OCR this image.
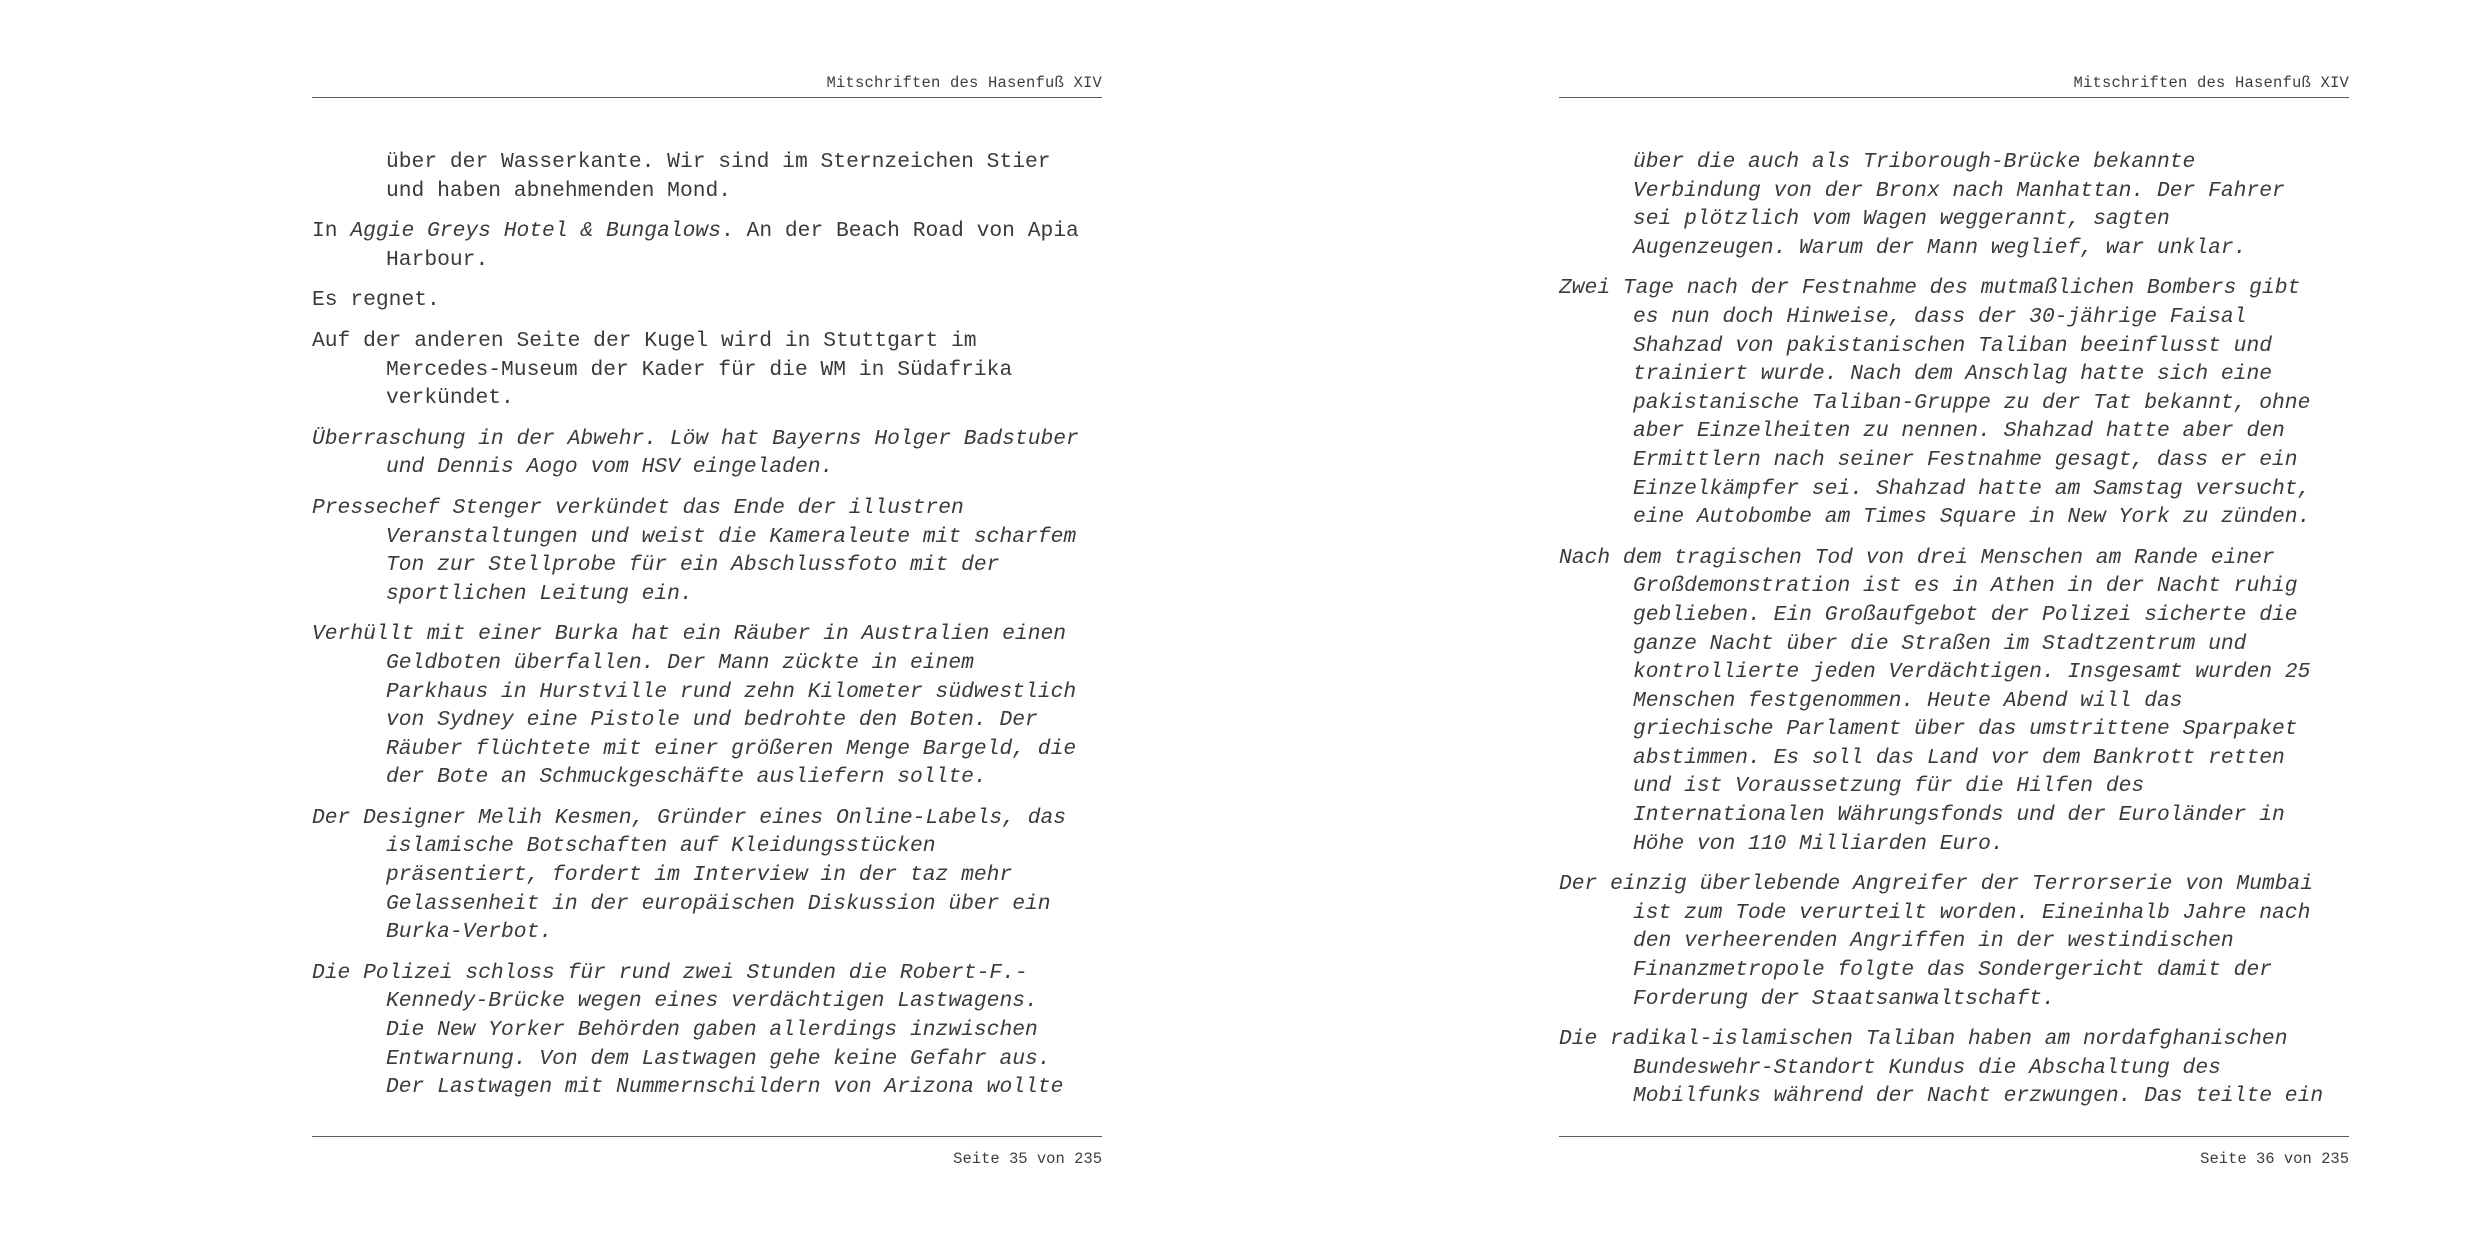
Mitschriften des Hasenfuß XIV

über der Wasserkante. Wir sind im Sternzeichen Stier
und haben abnehmenden Mond.

In Aggie Greys Hotel & Bungalows. An der Beach Road von Apia
Harbour.

Es regnet.

Auf der anderen Seite der Kugel wird in Stuttgart im
Mercedes-Museum der Kader für die WM in Südafrika
verkündet.

Überraschung in der Abwehr. Löw hat Bayerns Holger Badstuber
und Dennis Aogo vom HSV eingeladen.

Pressechef Stenger verkündet das Ende der illustren
Veranstaltungen und weist die Kameraleute mit scharfem
Ton zur Stellprobe für ein Abschlussfoto mit der
sportlichen Leitung ein.

Verhüllt mit einer Burka hat ein Räuber in Australien einen
Geldboten überfallen. Der Mann zückte in einem
Parkhaus in Hurstville rund zehn Kilometer südwestlich
von Sydney eine Pistole und bedrohte den Boten. Der
Räuber flüchtete mit einer größeren Menge Bargeld, die
der Bote an Schmuckgeschäfte ausliefern sollte.

Der Designer Melih Kesmen, Gründer eines Online-Labels, das
islamische Botschaften auf Kleidungsstücken
präsentiert, fordert im Interview in der taz mehr
Gelassenheit in der europäischen Diskussion über ein
Burka-Verbot.

Die Polizei schloss für rund zwei Stunden die Robert-F.-
Kennedy-Brücke wegen eines verdächtigen Lastwagens.
Die New Yorker Behörden gaben allerdings inzwischen
Entwarnung. Von dem Lastwagen gehe keine Gefahr aus.
Der Lastwagen mit Nummernschildern von Arizona wollte

Seite 35 von 235
Mitschriften des Hasenfuß XIV

über die auch als Triborough-Brücke bekannte
Verbindung von der Bronx nach Manhattan. Der Fahrer
sei plötzlich vom Wagen weggerannt, sagten
Augenzeugen. Warum der Mann weglief, war unklar.

Zwei Tage nach der Festnahme des mutmaßlichen Bombers gibt
es nun doch Hinweise, dass der 30-jährige Faisal
Shahzad von pakistanischen Taliban beeinflusst und
trainiert wurde. Nach dem Anschlag hatte sich eine
pakistanische Taliban-Gruppe zu der Tat bekannt, ohne
aber Einzelheiten zu nennen. Shahzad hatte aber den
Ermittlern nach seiner Festnahme gesagt, dass er ein
Einzelkämpfer sei. Shahzad hatte am Samstag versucht,
eine Autobombe am Times Square in New York zu zünden.

Nach dem tragischen Tod von drei Menschen am Rande einer
Großdemonstration ist es in Athen in der Nacht ruhig
geblieben. Ein Großaufgebot der Polizei sicherte die
ganze Nacht über die Straßen im Stadtzentrum und
kontrollierte jeden Verdächtigen. Insgesamt wurden 25
Menschen festgenommen. Heute Abend will das
griechische Parlament über das umstrittene Sparpaket
abstimmen. Es soll das Land vor dem Bankrott retten
und ist Voraussetzung für die Hilfen des
Internationalen Währungsfonds und der Euroländer in
Höhe von 110 Milliarden Euro.

Der einzig überlebende Angreifer der Terrorserie von Mumbai
ist zum Tode verurteilt worden. Eineinhalb Jahre nach
den verheerenden Angriffen in der westindischen
Finanzmetropole folgte das Sondergericht damit der
Forderung der Staatsanwaltschaft.

Die radikal-islamischen Taliban haben am nordafghanischen
Bundeswehr-Standort Kundus die Abschaltung des
Mobilfunks während der Nacht erzwungen. Das teilte ein

Seite 36 von 235
